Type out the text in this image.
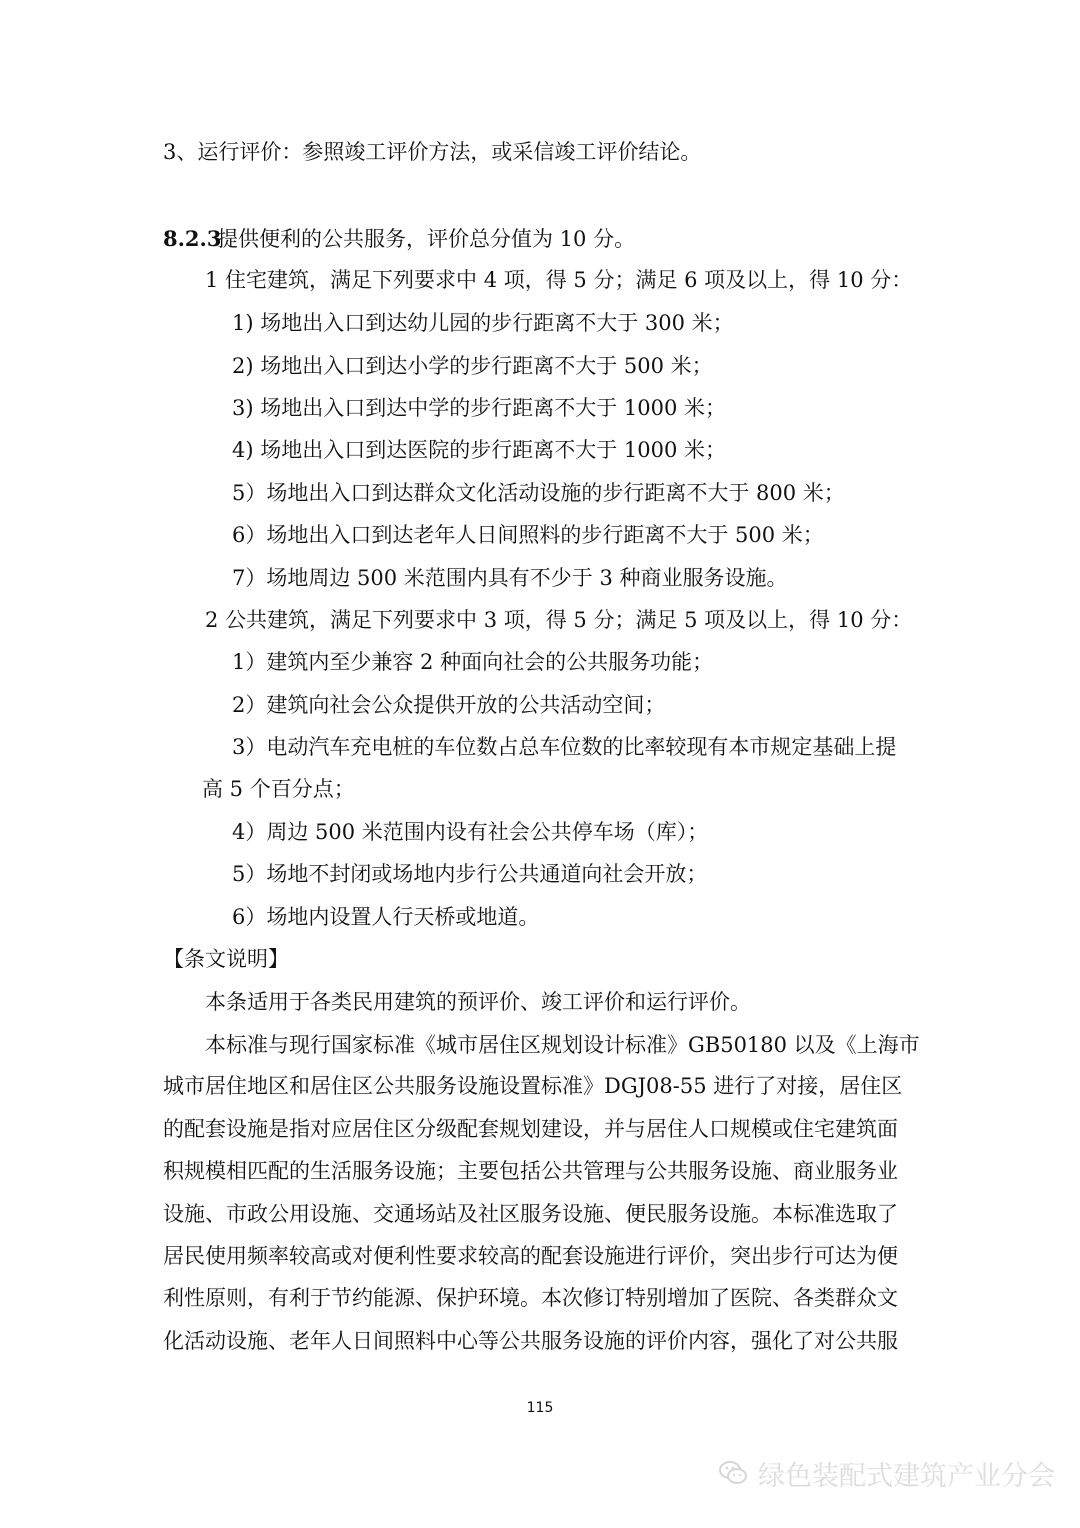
3、运行评价：参照竣工评价方法，或采信竣工评价结论。
8.2.3
提供便利的公共服务，评价总分值为 10 分。
1 住宅建筑，满足下列要求中 4 项，得 5 分；满足 6 项及以上，得 10 分：
1) 场地出入口到达幼儿园的步行距离不大于 300 米；
2) 场地出入口到达小学的步行距离不大于 500 米；
3) 场地出入口到达中学的步行距离不大于 1000 米；
4) 场地出入口到达医院的步行距离不大于 1000 米；
5）场地出入口到达群众文化活动设施的步行距离不大于 800 米；
6）场地出入口到达老年人日间照料的步行距离不大于 500 米；
7）场地周边 500 米范围内具有不少于 3 种商业服务设施。
2 公共建筑，满足下列要求中 3 项，得 5 分；满足 5 项及以上，得 10 分：
1）建筑内至少兼容 2 种面向社会的公共服务功能；
2）建筑向社会公众提供开放的公共活动空间；
3）电动汽车充电桩的车位数占总车位数的比率较现有本市规定基础上提
高 5 个百分点；
4）周边 500 米范围内设有社会公共停车场（库）；
5）场地不封闭或场地内步行公共通道向社会开放；
6）场地内设置人行天桥或地道。
【条文说明】
本条适用于各类民用建筑的预评价、竣工评价和运行评价。
本标准与现行国家标准《城市居住区规划设计标准》GB50180 以及《上海市
城市居住地区和居住区公共服务设施设置标准》DGJ08-55 进行了对接，居住区
的配套设施是指对应居住区分级配套规划建设，并与居住人口规模或住宅建筑面
积规模相匹配的生活服务设施；主要包括公共管理与公共服务设施、商业服务业
设施、市政公用设施、交通场站及社区服务设施、便民服务设施。本标准选取了
居民使用频率较高或对便利性要求较高的配套设施进行评价，突出步行可达为便
利性原则，有利于节约能源、保护环境。本次修订特别增加了医院、各类群众文
化活动设施、老年人日间照料中心等公共服务设施的评价内容，强化了对公共服
115
绿色装配式建筑产业分会
